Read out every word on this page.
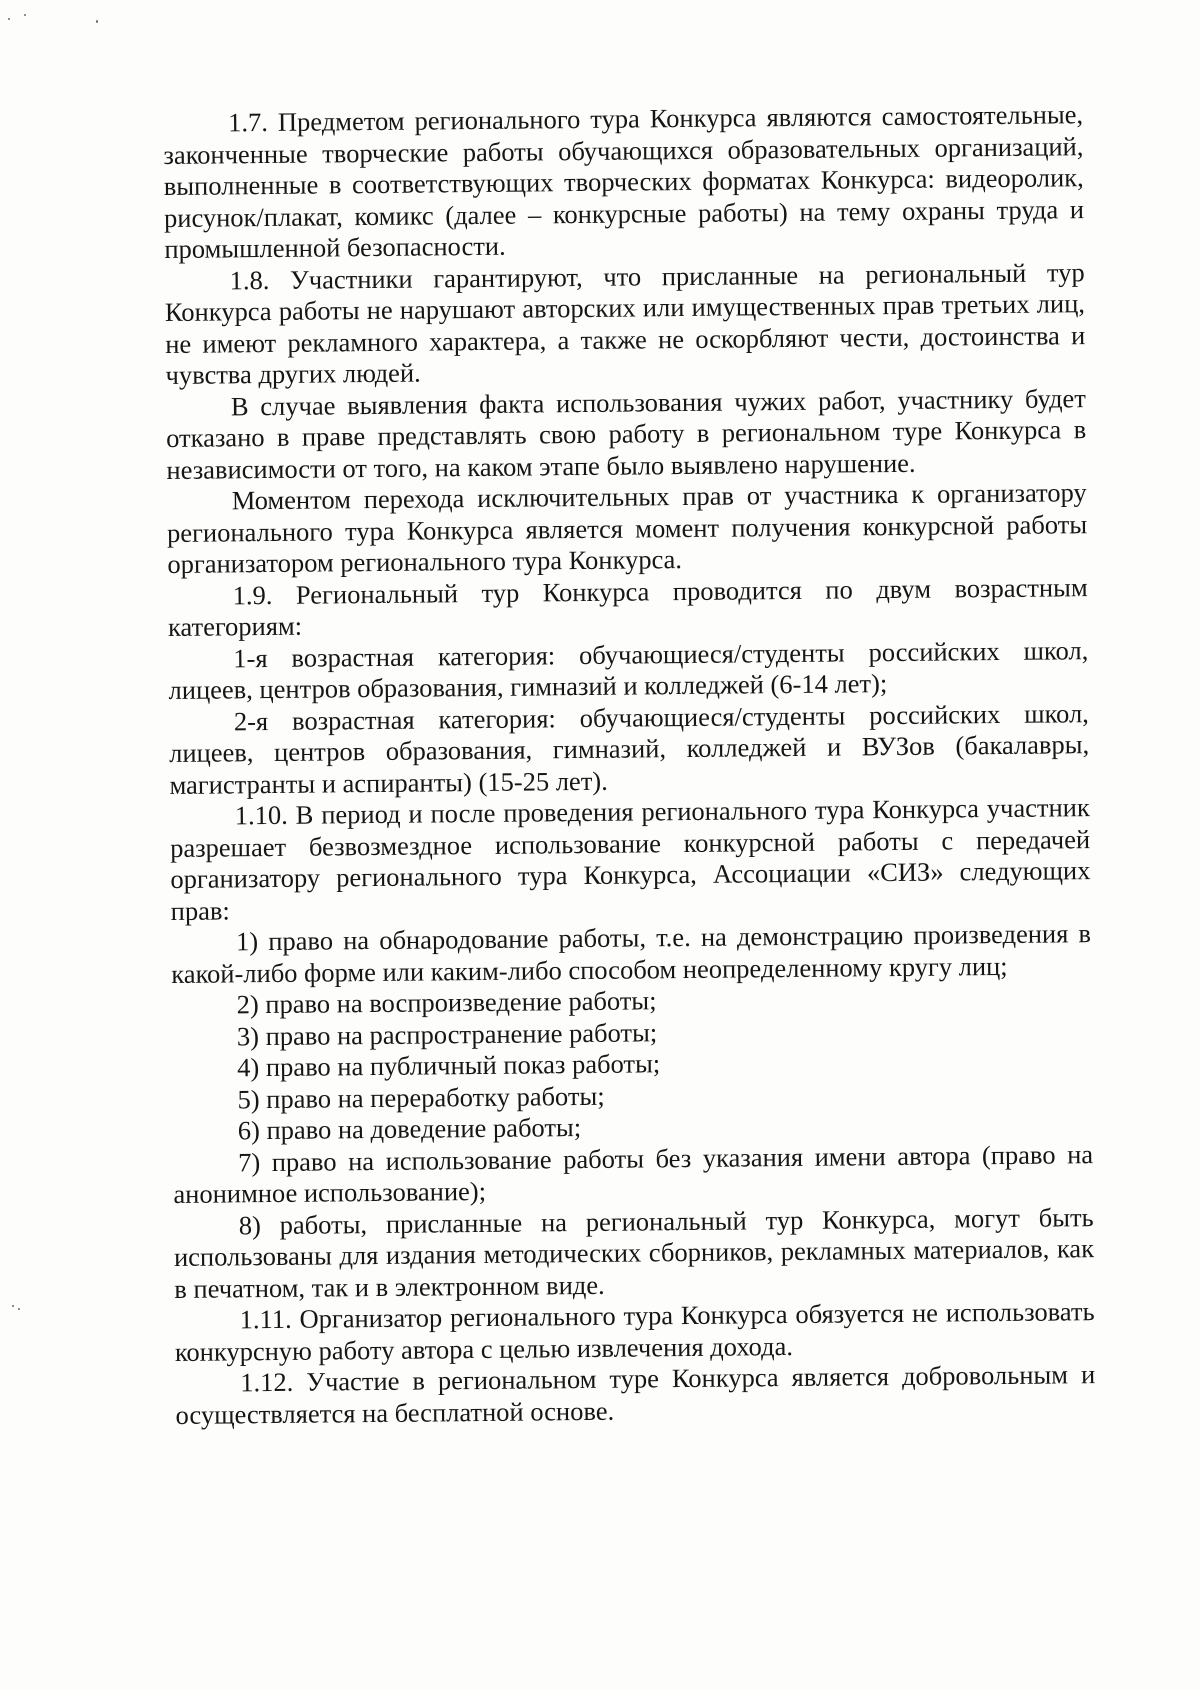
1.7. Предметом регионального тура Конкурса являются самостоятельные, законченные творческие работы обучающихся образовательных организаций, выполненные в соответствующих творческих форматах Конкурса: видеоролик, рисунок/плакат, комикс (далее – конкурсные работы) на тему охраны труда и промышленной безопасности.

1.8. Участники гарантируют, что присланные на региональный тур Конкурса работы не нарушают авторских или имущественных прав третьих лиц, не имеют рекламного характера, а также не оскорбляют чести, достоинства и чувства других людей.

В случае выявления факта использования чужих работ, участнику будет отказано в праве представлять свою работу в региональном туре Конкурса в независимости от того, на каком этапе было выявлено нарушение.

Моментом перехода исключительных прав от участника к организатору регионального тура Конкурса является момент получения конкурсной работы организатором регионального тура Конкурса.

1.9. Региональный тур Конкурса проводится по двум возрастным категориям:

1-я возрастная категория: обучающиеся/студенты российских школ, лицеев, центров образования, гимназий и колледжей (6-14 лет);

2-я возрастная категория: обучающиеся/студенты российских школ, лицеев, центров образования, гимназий, колледжей и ВУЗов (бакалавры, магистранты и аспиранты) (15-25 лет).

1.10. В период и после проведения регионального тура Конкурса участник разрешает безвозмездное использование конкурсной работы с передачей организатору регионального тура Конкурса, Ассоциации «СИЗ» следующих прав:

1) право на обнародование работы, т.е. на демонстрацию произведения в какой-либо форме или каким-либо способом неопределенному кругу лиц;

2) право на воспроизведение работы;

3) право на распространение работы;

4) право на публичный показ работы;

5) право на переработку работы;

6) право на доведение работы;

7) право на использование работы без указания имени автора (право на анонимное использование);

8) работы, присланные на региональный тур Конкурса, могут быть использованы для издания методических сборников, рекламных материалов, как в печатном, так и в электронном виде.

1.11. Организатор регионального тура Конкурса обязуется не использовать конкурсную работу автора с целью извлечения дохода.

1.12. Участие в региональном туре Конкурса является добровольным и осуществляется на бесплатной основе.
